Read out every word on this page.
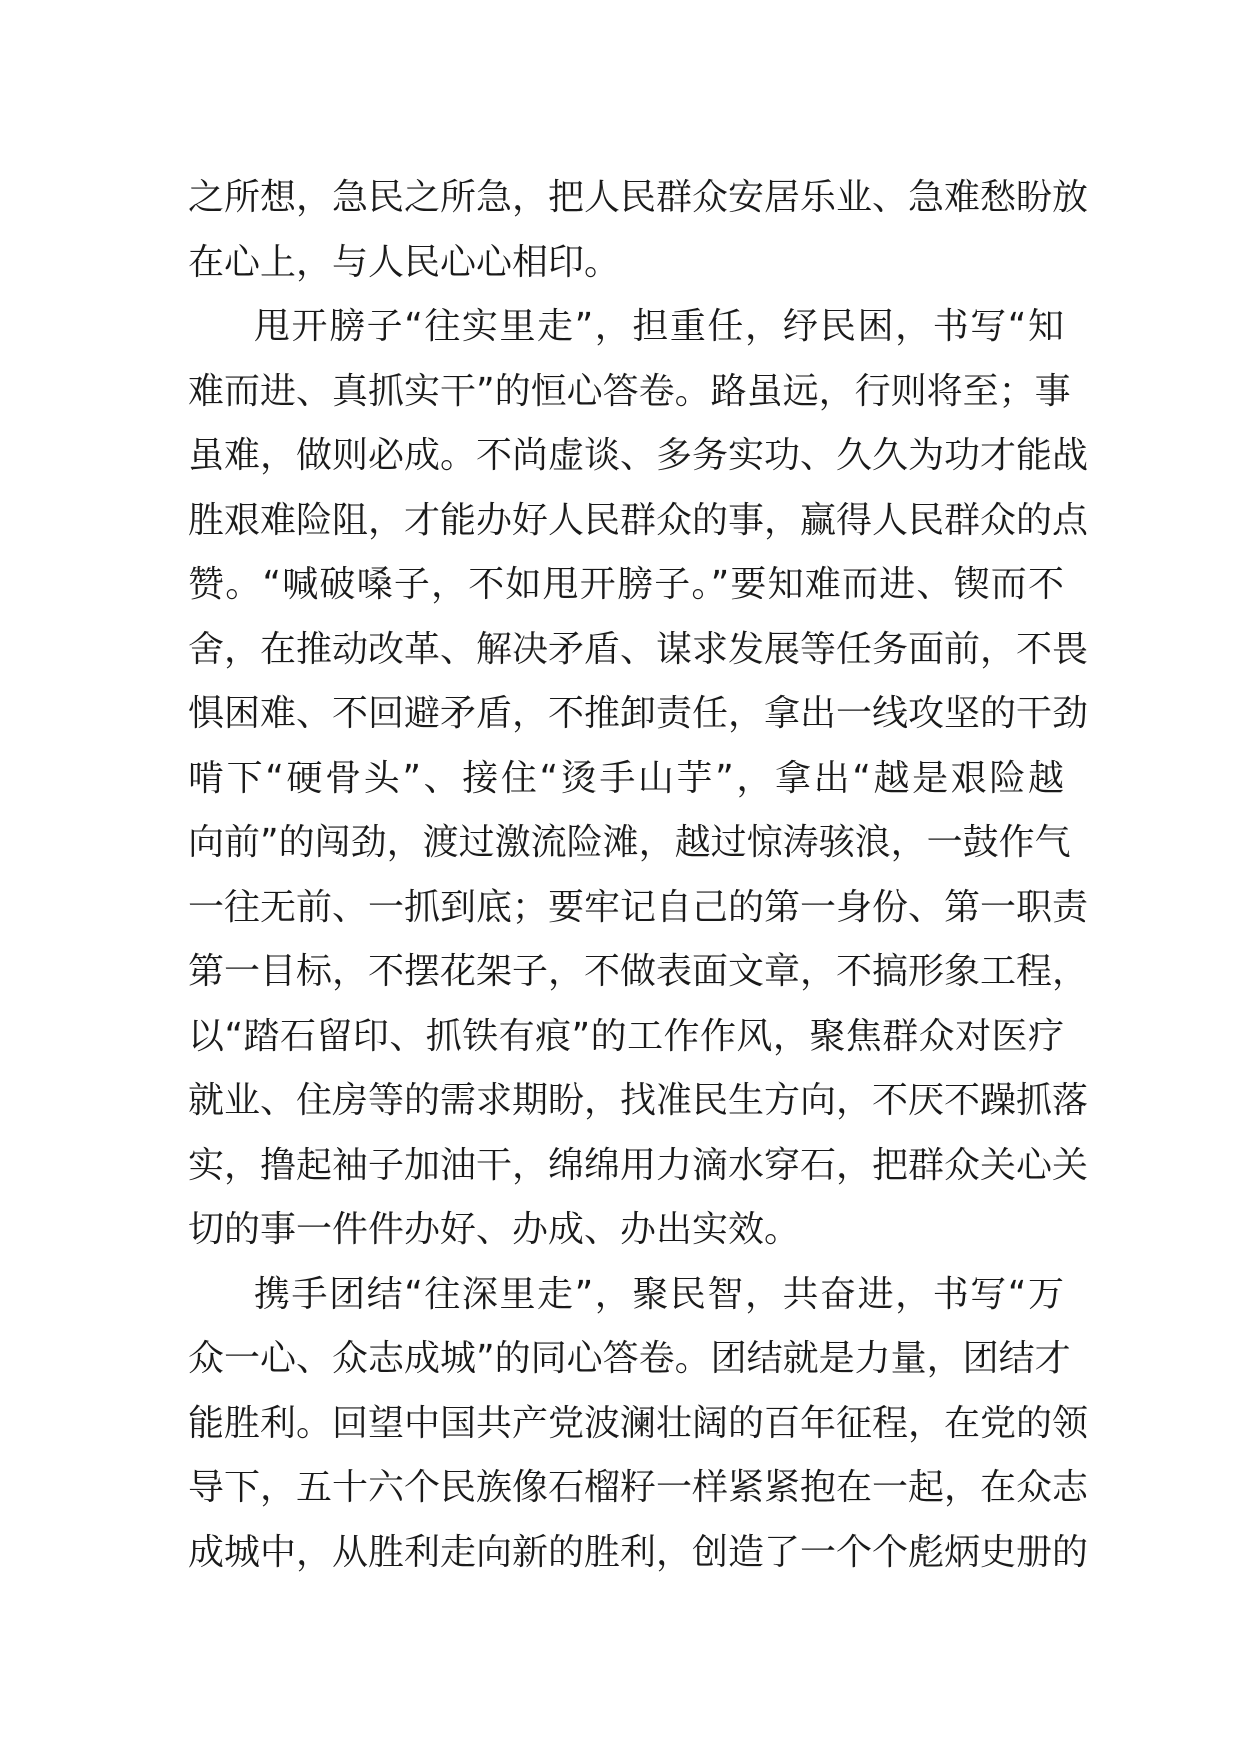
之所想，急民之所急，把人民群众安居乐业、急难愁盼放
在心上，与人民心心相印。
甩开膀子“往实里走”，担重任，纾民困，书写“知
难而进、真抓实干”的恒心答卷。路虽远，行则将至；事
虽难，做则必成。不尚虚谈、多务实功、久久为功才能战
胜艰难险阻，才能办好人民群众的事，赢得人民群众的点
赞。“喊破嗓子，不如甩开膀子。”要知难而进、锲而不
舍，在推动改革、解决矛盾、谋求发展等任务面前，不畏
惧困难、不回避矛盾，不推卸责任，拿出一线攻坚的干劲
啃下“硬骨头”、接住“烫手山芋”，拿出“越是艰险越
向前”的闯劲，渡过激流险滩，越过惊涛骇浪，一鼓作气
一往无前、一抓到底；要牢记自己的第一身份、第一职责
第一目标，不摆花架子，不做表面文章，不搞形象工程，
以“踏石留印、抓铁有痕”的工作作风，聚焦群众对医疗
就业、住房等的需求期盼，找准民生方向，不厌不躁抓落
实，撸起袖子加油干，绵绵用力滴水穿石，把群众关心关
切的事一件件办好、办成、办出实效。
携手团结“往深里走”，聚民智，共奋进，书写“万
众一心、众志成城”的同心答卷。团结就是力量，团结才
能胜利。回望中国共产党波澜壮阔的百年征程，在党的领
导下，五十六个民族像石榴籽一样紧紧抱在一起，在众志
成城中，从胜利走向新的胜利，创造了一个个彪炳史册的
